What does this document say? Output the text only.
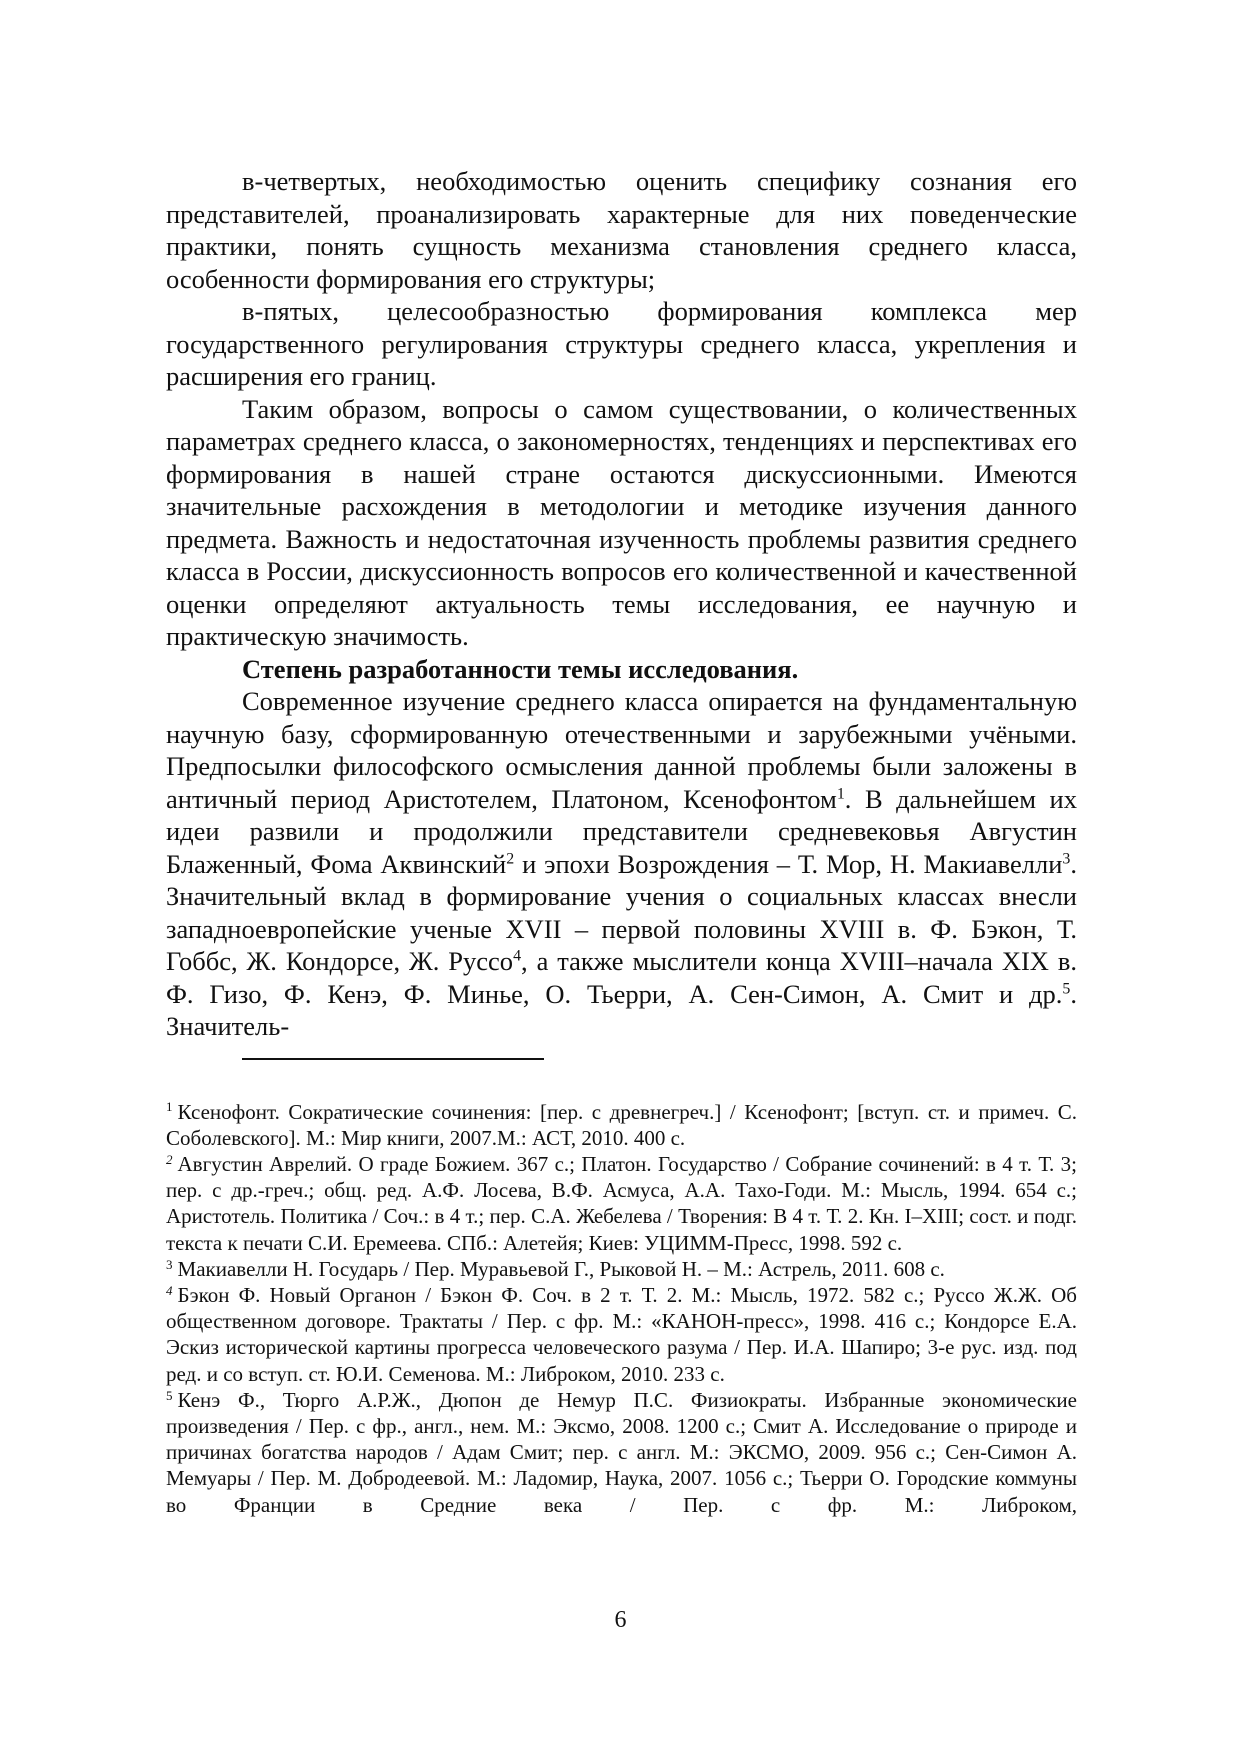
в-четвертых, необходимостью оценить специфику сознания его представителей, проанализировать характерные для них поведенческие практики, понять сущность механизма становления среднего класса, особенности формирования его структуры;

в-пятых, целесообразностью формирования комплекса мер государственного регулирования структуры среднего класса, укрепления и расширения его границ.

Таким образом, вопросы о самом существовании, о количественных параметрах среднего класса, о закономерностях, тенденциях и перспективах его формирования в нашей стране остаются дискуссионными. Имеются значительные расхождения в методологии и методике изучения данного предмета. Важность и недостаточная изученность проблемы развития среднего класса в России, дискуссионность вопросов его количественной и качественной оценки определяют актуальность темы исследования, ее научную и практическую значимость.

Степень разработанности темы исследования.

Современное изучение среднего класса опирается на фундаментальную научную базу, сформированную отечественными и зарубежными учёными. Предпосылки философского осмысления данной проблемы были заложены в античный период Аристотелем, Платоном, Ксенофонтом$^1$. В дальнейшем их идеи развили и продолжили представители средневековья Августин Блаженный, Фома Аквинский$^2$ и эпохи Возрождения – Т. Мор, Н. Макиавелли$^3$. Значительный вклад в формирование учения о социальных классах внесли западноевропейские ученые XVII – первой половины XVIII в. Ф. Бэкон, Т. Гоббс, Ж. Кондорсе, Ж. Руссо$^4$, а также мыслители конца XVIII–начала XIX в. Ф. Гизо, Ф. Кенэ, Ф. Минье, О. Тьерри, А. Сен-Симон, А. Смит и др.$^5$. Значитель-

$^1$ Ксенофонт. Сократические сочинения: [пер. с древнегреч.] / Ксенофонт; [вступ. ст. и примеч. С. Соболевского]. М.: Мир книги, 2007.М.: АСТ, 2010. 400 с.

$^2$ Августин Аврелий. О граде Божием. 367 с.; Платон. Государство / Собрание сочинений: в 4 т. Т. 3; пер. с др.-греч.; общ. ред. А.Ф. Лосева, В.Ф. Асмуса, А.А. Тахо-Годи. М.: Мысль, 1994. 654 с.; Аристотель. Политика / Соч.: в 4 т.; пер. С.А. Жебелева / Творения: В 4 т. Т. 2. Кн. I–XIII; сост. и подг. текста к печати С.И. Еремеева. СПб.: Алетейя; Киев: УЦИММ-Пресс, 1998. 592 с.

$^3$ Макиавелли Н. Государь / Пер. Муравьевой Г., Рыковой Н. – М.: Астрель, 2011. 608 с.

$^4$ Бэкон Ф. Новый Органон / Бэкон Ф. Соч. в 2 т. Т. 2. М.: Мысль, 1972. 582 с.; Руссо Ж.Ж. Об общественном договоре. Трактаты / Пер. с фр. М.: «КАНОН-пресс», 1998. 416 с.; Кондорсе Е.А. Эскиз исторической картины прогресса человеческого разума / Пер. И.А. Шапиро; 3-е рус. изд. под ред. и со вступ. ст. Ю.И. Семенова. М.: Либроком, 2010. 233 с.

$^5$ Кенэ Ф., Тюрго А.Р.Ж., Дюпон де Немур П.С. Физиократы. Избранные экономические произведения / Пер. с фр., англ., нем. М.: Эксмо, 2008. 1200 с.; Смит А. Исследование о природе и причинах богатства народов / Адам Смит; пер. с англ. М.: ЭКСМО, 2009. 956 с.; Сен-Симон А. Мемуары / Пер. М. Добродеевой. М.: Ладомир, Наука, 2007. 1056 с.; Тьерри О. Городские коммуны во Франции в Средние века / Пер. с фр. М.: Либроком,

6
